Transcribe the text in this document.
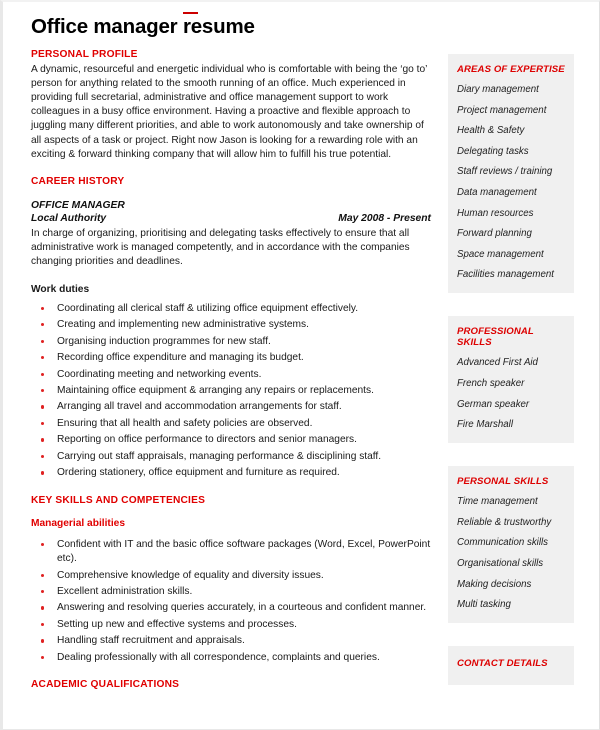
Office manager resume
PERSONAL PROFILE

A dynamic, resourceful and energetic individual who is comfortable with being the ‘go to’ person for anything related to the smooth running of an office. Much experienced in providing full secretarial, administrative and office management support to work colleagues in a busy office environment. Having a proactive and flexible approach to juggling many different priorities, and able to work autonomously and take ownership of all aspects of a task or project. Right now Jason is looking for a rewarding role with an exciting & forward thinking company that will allow him to fulfill his true potential.

CAREER HISTORY
OFFICE MANAGER
Local Authority	May 2008 - Present

In charge of organizing, prioritising and delegating tasks effectively to ensure that all administrative work is managed competently, and in accordance with the companies changing priorities and deadlines.

Work duties
Coordinating all clerical staff & utilizing office equipment effectively.
Creating and implementing new administrative systems.
Organising induction programmes for new staff.
Recording office expenditure and managing its budget.
Coordinating meeting and networking events.
Maintaining office equipment & arranging any repairs or replacements.
Arranging all travel and accommodation arrangements for staff.
Ensuring that all health and safety policies are observed.
Reporting on office performance to directors and senior managers.
Carrying out staff appraisals, managing performance & disciplining staff.
Ordering stationery, office equipment and furniture as required.
KEY SKILLS AND COMPETENCIES
Managerial abilities
Confident with IT and the basic office software packages (Word, Excel, PowerPoint etc).
Comprehensive knowledge of equality and diversity issues.
Excellent administration skills.
Answering and resolving queries accurately, in a courteous and confident manner.
Setting up new and effective systems and processes.
Handling staff recruitment and appraisals.
Dealing professionally with all correspondence, complaints and queries.
ACADEMIC QUALIFICATIONS
AREAS OF EXPERTISE
Diary management
Project management
Health & Safety
Delegating tasks
Staff reviews / training
Data management
Human resources
Forward planning
Space management
Facilities management
PROFESSIONAL SKILLS
Advanced First Aid
French speaker
German speaker
Fire Marshall
PERSONAL SKILLS
Time management
Reliable & trustworthy
Communication skills
Organisational skills
Making decisions
Multi tasking
CONTACT DETAILS
